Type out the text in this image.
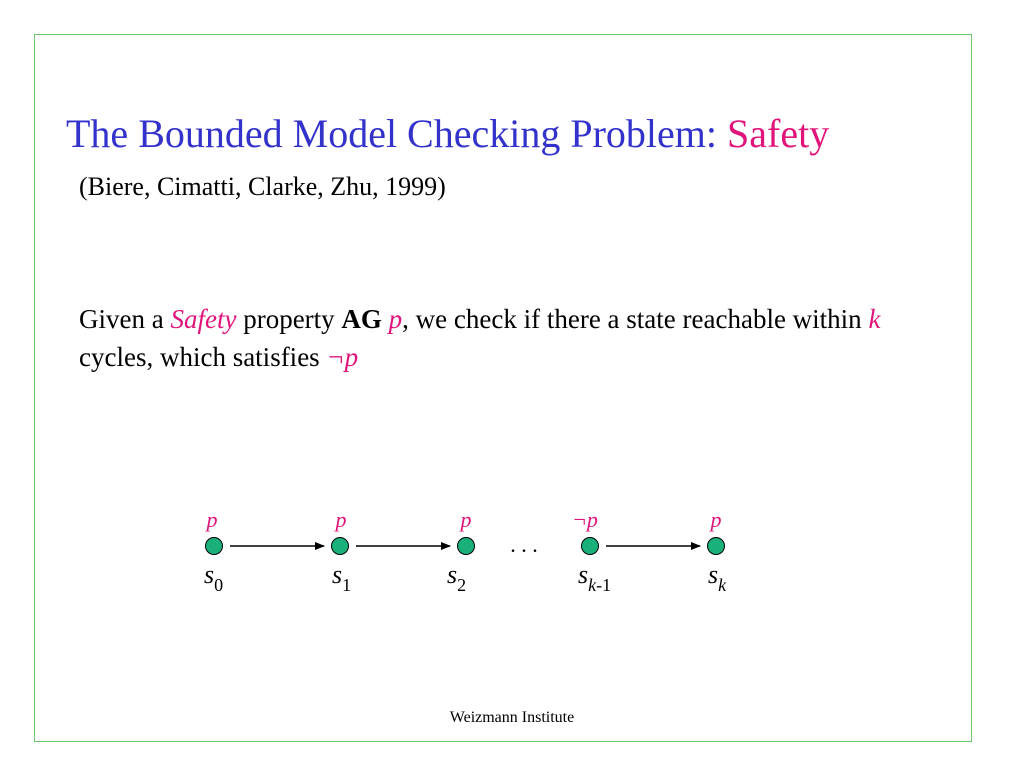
The Bounded Model Checking Problem: Safety

(Biere, Cimatti, Clarke, Zhu, 1999)

Given a Safety property AG p, we check if there a state reachable within k cycles, which satisfies ¬p

. . .
p	p	p	¬p	p
$s_0$	$s_1$	$s_2$	$s_{k-1}$	$s_k$
Weizmann Institute
